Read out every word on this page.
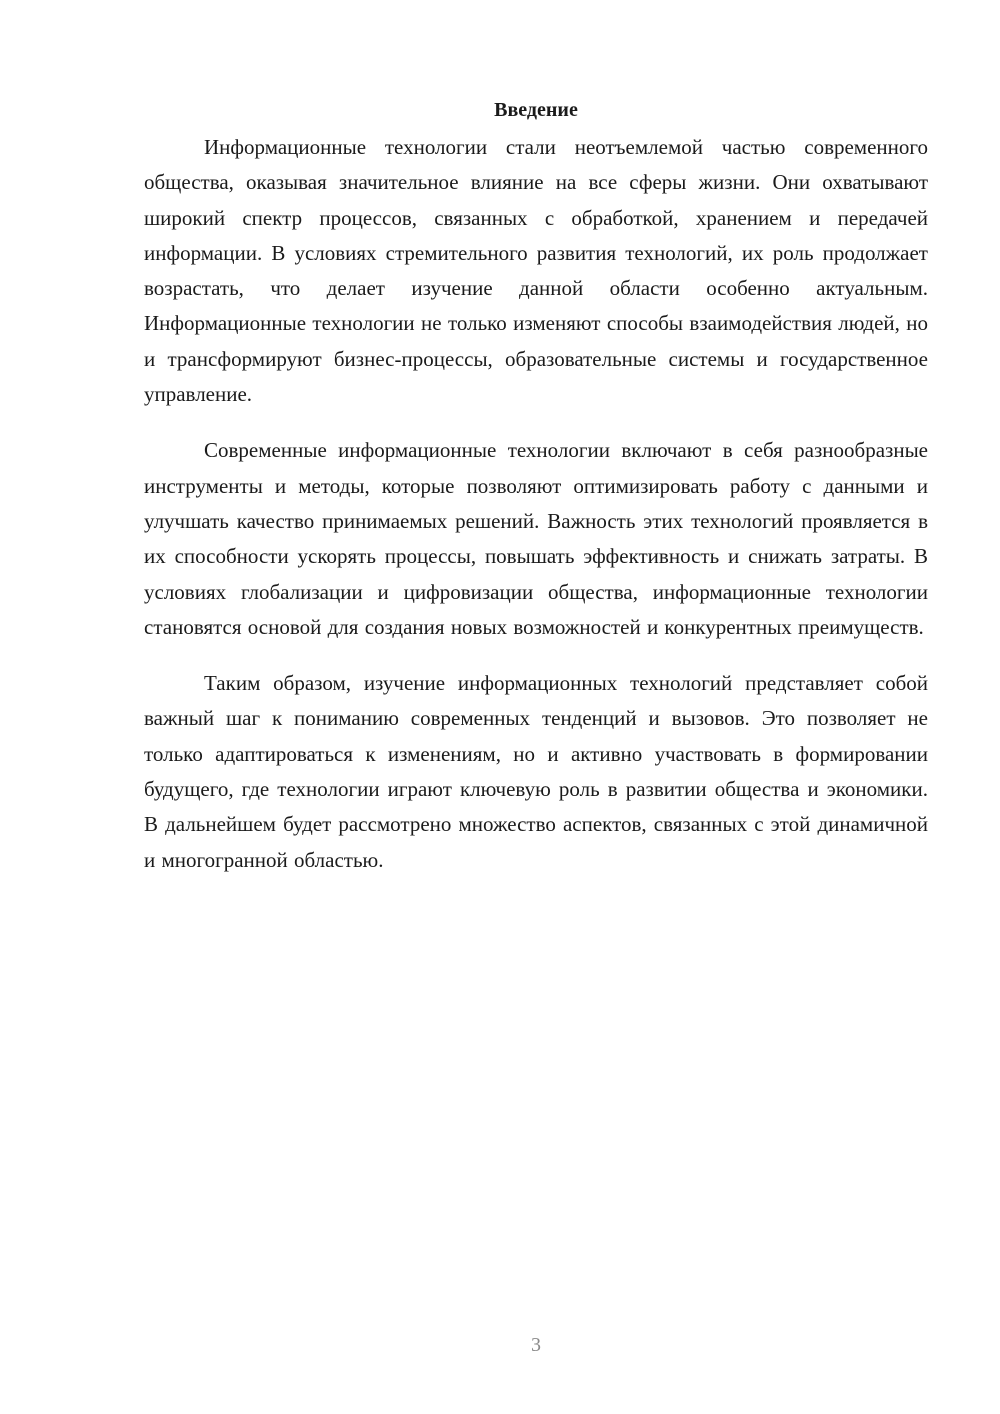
Введение

Информационные технологии стали неотъемлемой частью современного общества, оказывая значительное влияние на все сферы жизни. Они охватывают широкий спектр процессов, связанных с обработкой, хранением и передачей информации. В условиях стремительного развития технологий, их роль продолжает возрастать, что делает изучение данной области особенно актуальным. Информационные технологии не только изменяют способы взаимодействия людей, но и трансформируют бизнес-процессы, образовательные системы и государственное управление.

Современные информационные технологии включают в себя разнообразные инструменты и методы, которые позволяют оптимизировать работу с данными и улучшать качество принимаемых решений. Важность этих технологий проявляется в их способности ускорять процессы, повышать эффективность и снижать затраты. В условиях глобализации и цифровизации общества, информационные технологии становятся основой для создания новых возможностей и конкурентных преимуществ.

Таким образом, изучение информационных технологий представляет собой важный шаг к пониманию современных тенденций и вызовов. Это позволяет не только адаптироваться к изменениям, но и активно участвовать в формировании будущего, где технологии играют ключевую роль в развитии общества и экономики. В дальнейшем будет рассмотрено множество аспектов, связанных с этой динамичной и многогранной областью.

3
